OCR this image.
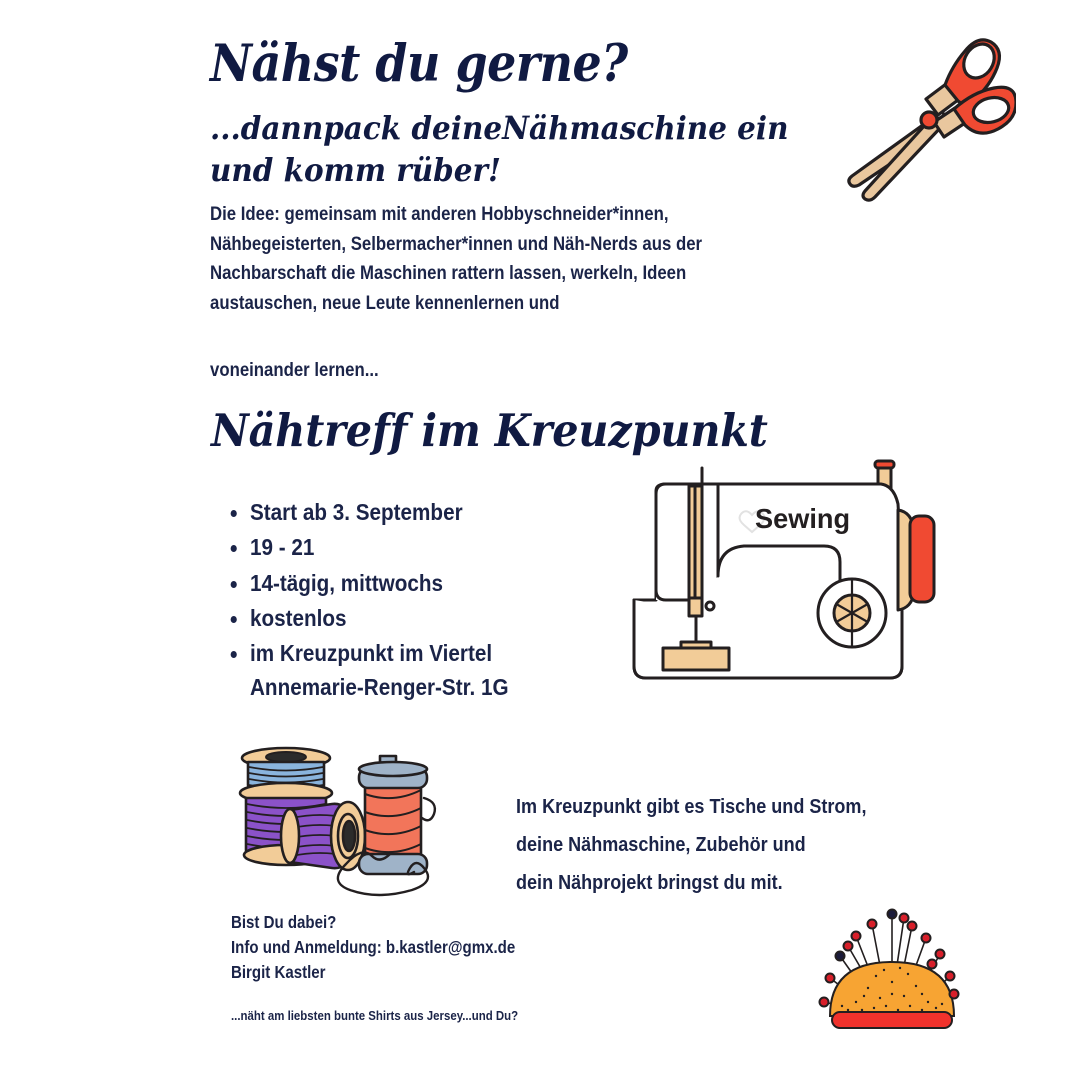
Nähst du gerne?
...dannpack deineNähmaschine ein
und komm rüber!
Die Idee: gemeinsam mit anderen Hobbyschneider*innen, Nähbegeisterten, Selbermacher*innen und Näh-Nerds aus der Nachbarschaft die Maschinen rattern lassen, werkeln, Ideen austauschen, neue Leute kennenlernen und
voneinander lernen...
Nähtreff im Kreuzpunkt
Start ab 3. September
19 - 21
14-tägig, mittwochs
kostenlos
im Kreuzpunkt im Viertel
Annemarie-Renger-Str. 1G
Im Kreuzpunkt gibt es Tische und Strom,
deine Nähmaschine, Zubehör und
dein Nähprojekt bringst du mit.
Bist Du dabei?
Info und Anmeldung: b.kastler@gmx.de
Birgit Kastler
...näht am liebsten bunte Shirts aus Jersey...und Du?
Sewing
